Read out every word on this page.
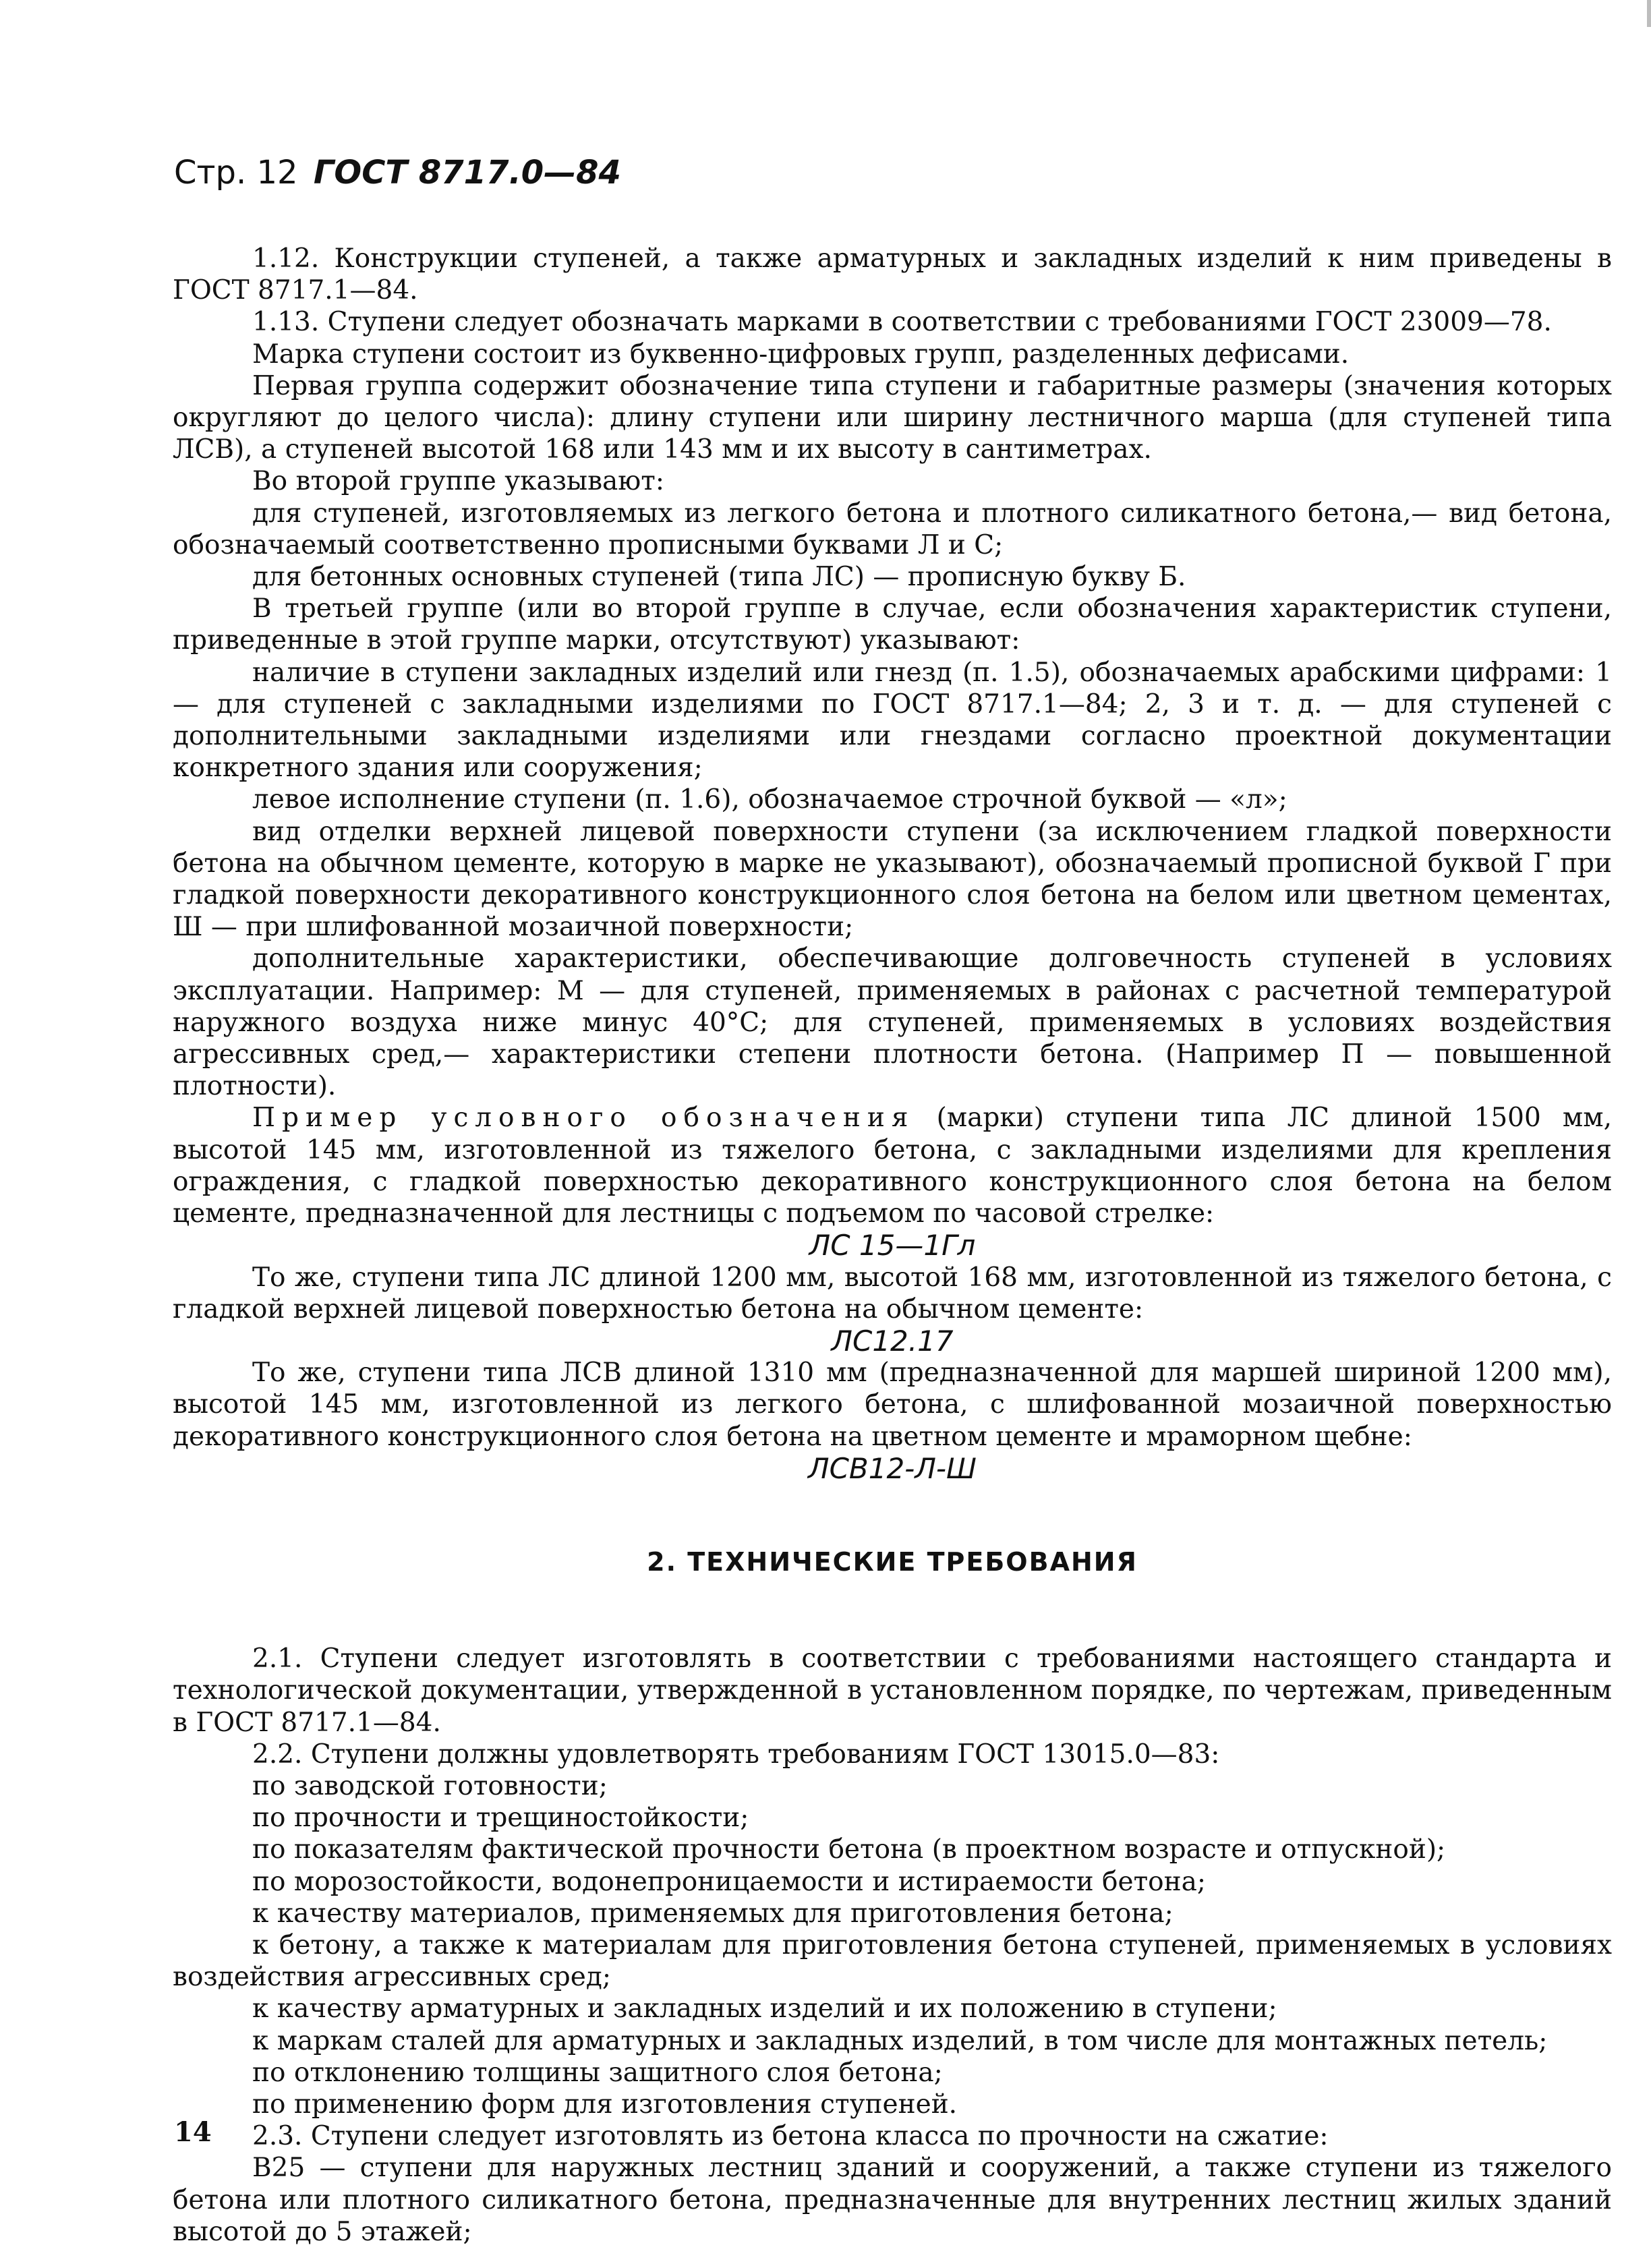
Стр. 12 ГОСТ 8717.0—84

1.12. Конструкции ступеней, а также арматурных и закладных изделий к ним приведены в ГОСТ 8717.1—84.

1.13. Ступени следует обозначать марками в соответствии с требованиями ГОСТ 23009—78.

Марка ступени состоит из буквенно-цифровых групп, разделенных дефисами.

Первая группа содержит обозначение типа ступени и габаритные размеры (значения которых округляют до целого числа): длину ступени или ширину лестничного марша (для ступеней типа ЛСВ), а ступеней высотой 168 или 143 мм и их высоту в сантиметрах.

Во второй группе указывают:

для ступеней, изготовляемых из легкого бетона и плотного силикатного бетона,— вид бетона, обозначаемый соответственно прописными буквами Л и С;

для бетонных основных ступеней (типа ЛС) — прописную букву Б.

В третьей группе (или во второй группе в случае, если обозначения характеристик ступени, приведенные в этой группе марки, отсутствуют) указывают:

наличие в ступени закладных изделий или гнезд (п. 1.5), обозначаемых арабскими цифрами: 1 — для ступеней с закладными изделиями по ГОСТ 8717.1—84; 2, 3 и т. д. — для ступеней с дополнительными закладными изделиями или гнездами согласно проектной документации конкретного здания или сооружения;

левое исполнение ступени (п. 1.6), обозначаемое строчной буквой — «л»;

вид отделки верхней лицевой поверхности ступени (за исключением гладкой поверхности бетона на обычном цементе, которую в марке не указывают), обозначаемый прописной буквой Г при гладкой поверхности декоративного конструкционного слоя бетона на белом или цветном цементах, Ш — при шлифованной мозаичной поверхности;

дополнительные характеристики, обеспечивающие долговечность ступеней в условиях эксплуатации. Например: М — для ступеней, применяемых в районах с расчетной температурой наружного воздуха ниже минус 40°С; для ступеней, применяемых в условиях воздействия агрессивных сред,— характеристики степени плотности бетона. (Например П — повышенной плотности).

Пример условного обозначения (марки) ступени типа ЛС длиной 1500 мм, высотой 145 мм, изготовленной из тяжелого бетона, с закладными изделиями для крепления ограждения, с гладкой поверхностью декоративного конструкционного слоя бетона на белом цементе, предназначенной для лестницы с подъемом по часовой стрелке:

ЛС 15—1Гл

То же, ступени типа ЛС длиной 1200 мм, высотой 168 мм, изготовленной из тяжелого бетона, с гладкой верхней лицевой поверхностью бетона на обычном цементе:

ЛС12.17

То же, ступени типа ЛСВ длиной 1310 мм (предназначенной для маршей шириной 1200 мм), высотой 145 мм, изготовленной из легкого бетона, с шлифованной мозаичной поверхностью декоративного конструкционного слоя бетона на цветном цементе и мраморном щебне:

ЛСВ12-Л-Ш

2. ТЕХНИЧЕСКИЕ ТРЕБОВАНИЯ

2.1. Ступени следует изготовлять в соответствии с требованиями настоящего стандарта и технологической документации, утвержденной в установленном порядке, по чертежам, приведенным в ГОСТ 8717.1—84.

2.2. Ступени должны удовлетворять требованиям ГОСТ 13015.0—83:

по заводской готовности;

по прочности и трещиностойкости;

по показателям фактической прочности бетона (в проектном возрасте и отпускной);

по морозостойкости, водонепроницаемости и истираемости бетона;

к качеству материалов, применяемых для приготовления бетона;

к бетону, а также к материалам для приготовления бетона ступеней, применяемых в условиях воздействия агрессивных сред;

к качеству арматурных и закладных изделий и их положению в ступени;

к маркам сталей для арматурных и закладных изделий, в том числе для монтажных петель;

по отклонению толщины защитного слоя бетона;

по применению форм для изготовления ступеней.

2.3. Ступени следует изготовлять из бетона класса по прочности на сжатие:

В25 — ступени для наружных лестниц зданий и сооружений, а также ступени из тяжелого бетона или плотного силикатного бетона, предназначенные для внутренних лестниц жилых зданий высотой до 5 этажей;

14
